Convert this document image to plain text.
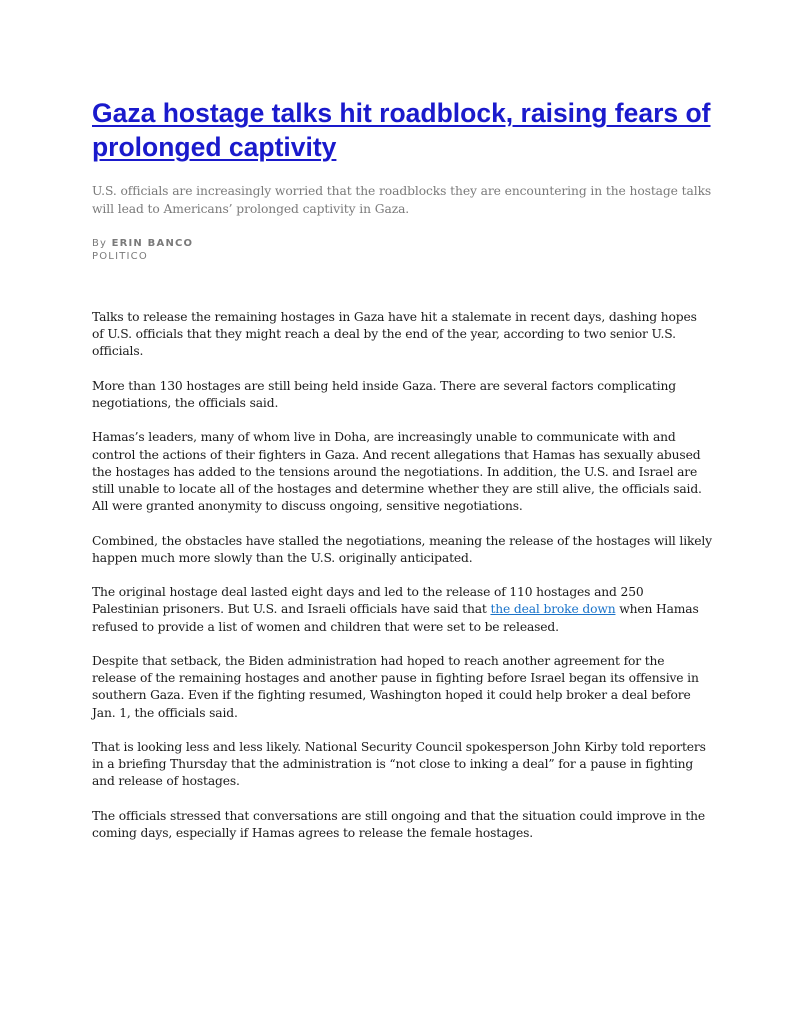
Gaza hostage talks hit roadblock, raising fears of prolonged captivity

U.S. officials are increasingly worried that the roadblocks they are encountering in the hostage talks will lead to Americans’ prolonged captivity in Gaza.

By ERIN BANCO
POLITICO

Talks to release the remaining hostages in Gaza have hit a stalemate in recent days, dashing hopes of U.S. officials that they might reach a deal by the end of the year, according to two senior U.S. officials.

More than 130 hostages are still being held inside Gaza. There are several factors complicating negotiations, the officials said.

Hamas’s leaders, many of whom live in Doha, are increasingly unable to communicate with and control the actions of their fighters in Gaza. And recent allegations that Hamas has sexually abused the hostages has added to the tensions around the negotiations. In addition, the U.S. and Israel are still unable to locate all of the hostages and determine whether they are still alive, the officials said. All were granted anonymity to discuss ongoing, sensitive negotiations.

Combined, the obstacles have stalled the negotiations, meaning the release of the hostages will likely happen much more slowly than the U.S. originally anticipated.

The original hostage deal lasted eight days and led to the release of 110 hostages and 250 Palestinian prisoners. But U.S. and Israeli officials have said that the deal broke down when Hamas refused to provide a list of women and children that were set to be released.

Despite that setback, the Biden administration had hoped to reach another agreement for the release of the remaining hostages and another pause in fighting before Israel began its offensive in southern Gaza. Even if the fighting resumed, Washington hoped it could help broker a deal before Jan. 1, the officials said.

That is looking less and less likely. National Security Council spokesperson John Kirby told reporters in a briefing Thursday that the administration is “not close to inking a deal” for a pause in fighting and release of hostages.

The officials stressed that conversations are still ongoing and that the situation could improve in the coming days, especially if Hamas agrees to release the female hostages.
